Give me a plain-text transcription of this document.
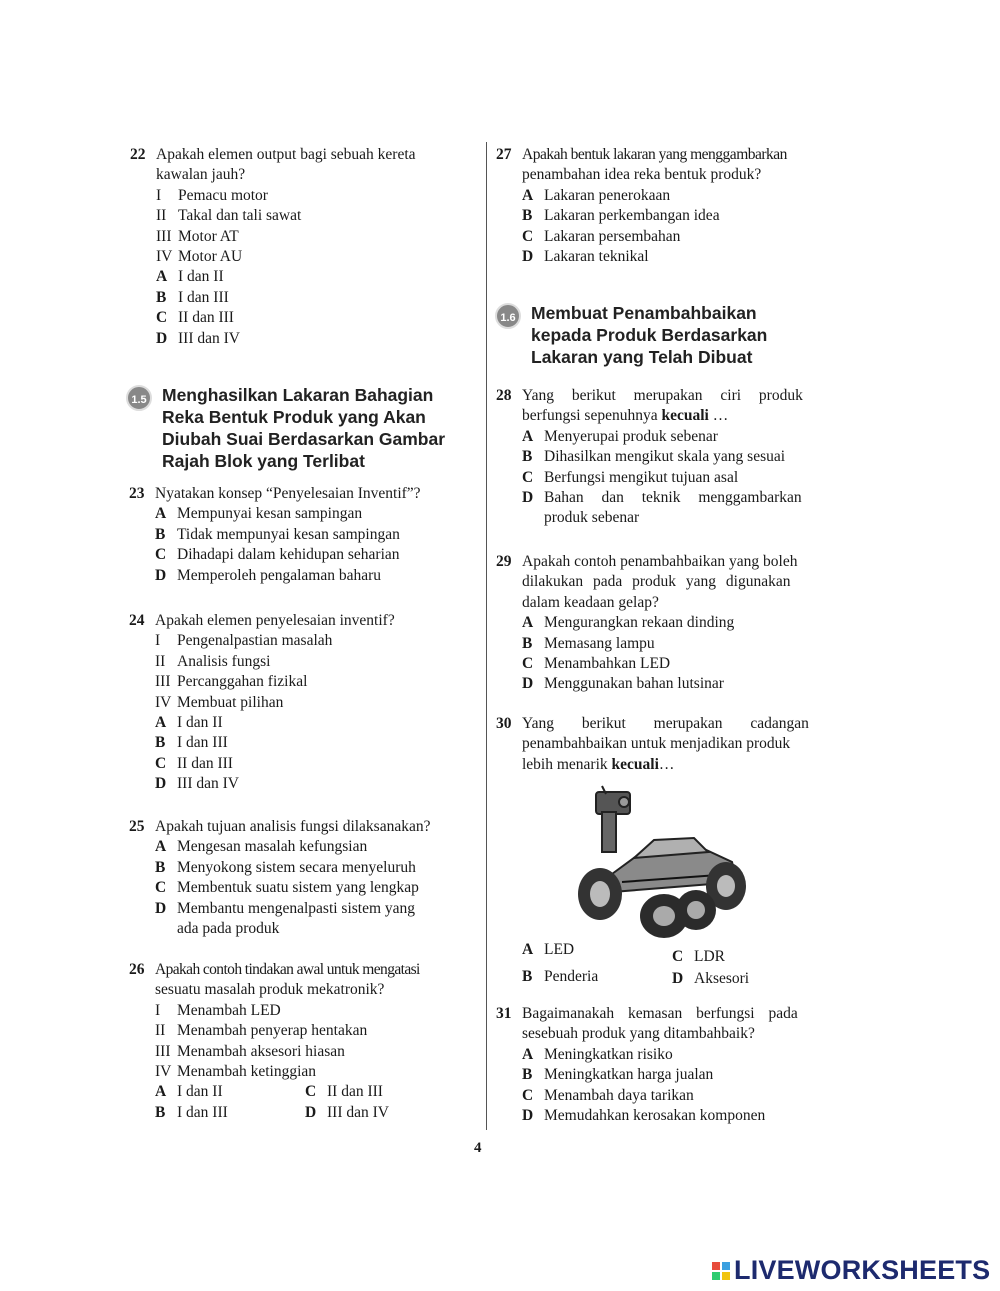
22 Apakah elemen output bagi sebuah kereta
kawalan jauh?
I Pemacu motor
II Takal dan tali sawat
III Motor AT
IV Motor AU
A I dan II
B I dan III
C II dan III
D III dan IV
1.5 Menghasilkan Lakaran Bahagian
Reka Bentuk Produk yang Akan
Diubah Suai Berdasarkan Gambar
Rajah Blok yang Terlibat
23 Nyatakan konsep “Penyelesaian Inventif”?
A Mempunyai kesan sampingan
B Tidak mempunyai kesan sampingan
C Dihadapi dalam kehidupan seharian
D Memperoleh pengalaman baharu
24 Apakah elemen penyelesaian inventif?
I Pengenalpastian masalah
II Analisis fungsi
III Percanggahan fizikal
IV Membuat pilihan
A I dan II
B I dan III
C II dan III
D III dan IV
25 Apakah tujuan analisis fungsi dilaksanakan?
A Mengesan masalah kefungsian
B Menyokong sistem secara menyeluruh
C Membentuk suatu sistem yang lengkap
D Membantu mengenalpasti sistem yang
ada pada produk
26 Apakah contoh tindakan awal untuk mengatasi
sesuatu masalah produk mekatronik?
I Menambah LED
II Menambah penyerap hentakan
III Menambah aksesori hiasan
IV Menambah ketinggian
A I dan II	C II dan III
B I dan III	D III dan IV
27 Apakah bentuk lakaran yang menggambarkan
penambahan idea reka bentuk produk?
A Lakaran penerokaan
B Lakaran perkembangan idea
C Lakaran persembahan
D Lakaran teknikal
1.6 Membuat Penambahbaikan
kepada Produk Berdasarkan
Lakaran yang Telah Dibuat
28 Yang berikut merupakan ciri produk
berfungsi sepenuhnya kecuali …
A Menyerupai produk sebenar
B Dihasilkan mengikut skala yang sesuai
C Berfungsi mengikut tujuan asal
D Bahan dan teknik menggambarkan
produk sebenar
29 Apakah contoh penambahbaikan yang boleh
dilakukan pada produk yang digunakan
dalam keadaan gelap?
A Mengurangkan rekaan dinding
B Memasang lampu
C Menambahkan LED
D Menggunakan bahan lutsinar
30 Yang berikut merupakan cadangan
penambahbaikan untuk menjadikan produk
lebih menarik kecuali…
A LED	C LDR
B Penderia	D Aksesori
31 Bagaimanakah kemasan berfungsi pada
sesebuah produk yang ditambahbaik?
A Meningkatkan risiko
B Meningkatkan harga jualan
C Menambah daya tarikan
D Memudahkan kerosakan komponen
4
LIVEWORKSHEETS
